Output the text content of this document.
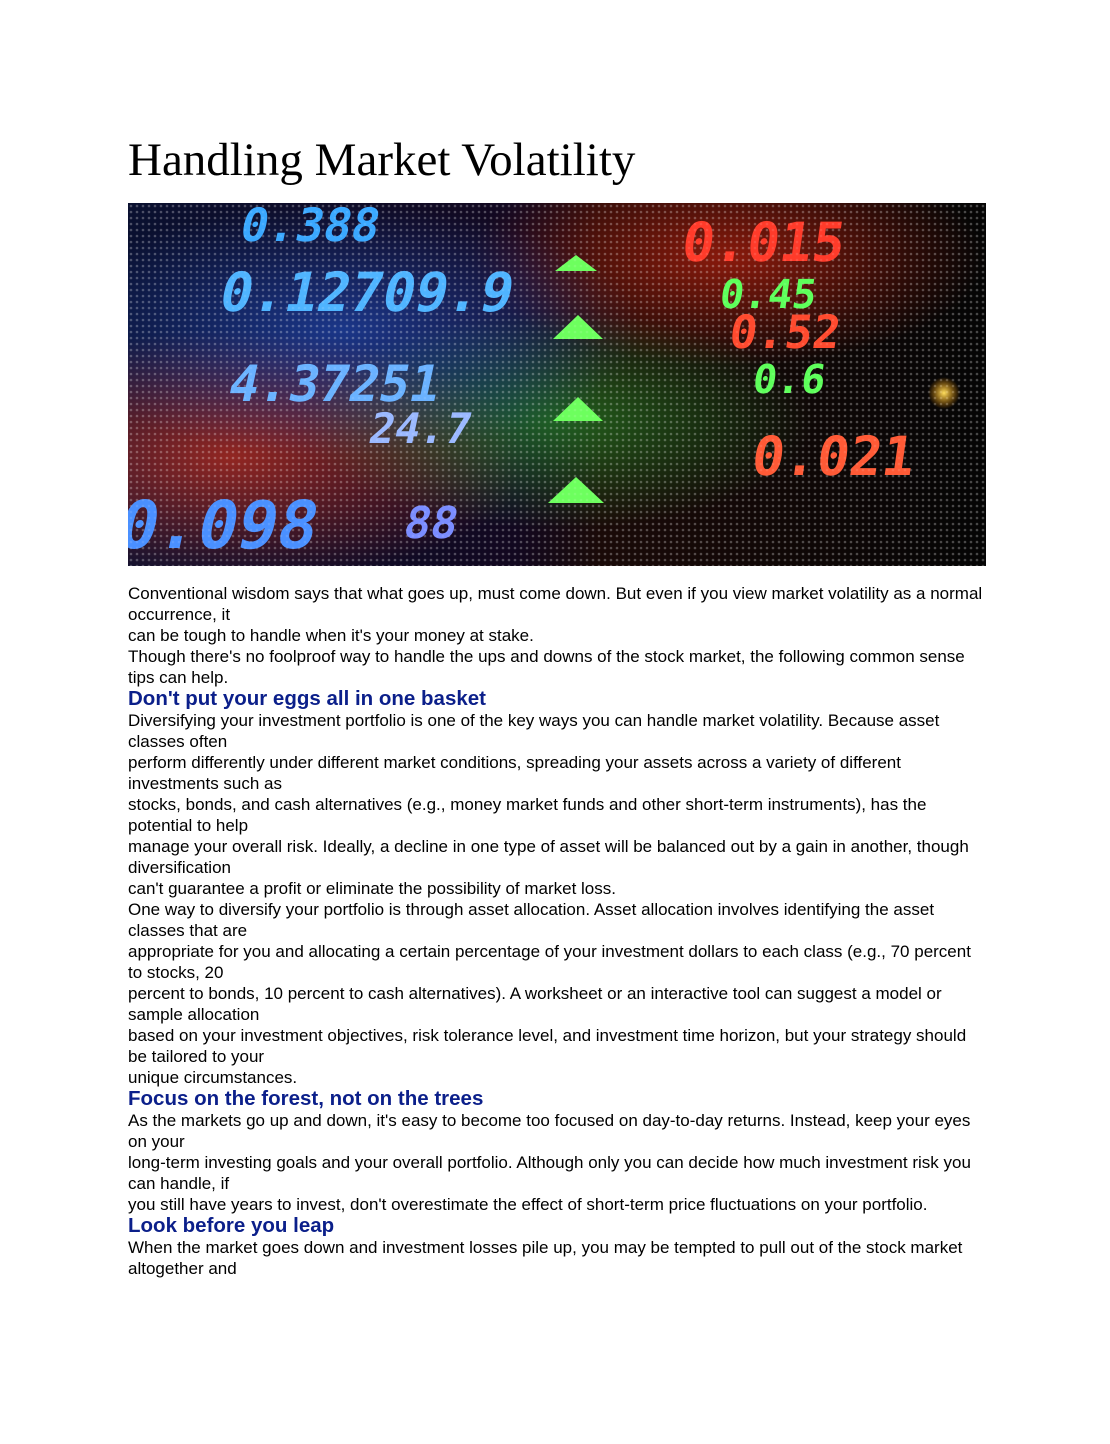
Handling Market Volatility

Conventional wisdom says that what goes up, must come down. But even if you view market volatility as a normal occurrence, it

can be tough to handle when it's your money at stake.

Though there's no foolproof way to handle the ups and downs of the stock market, the following common sense tips can help.

Don't put your eggs all in one basket

Diversifying your investment portfolio is one of the key ways you can handle market volatility. Because asset classes often

perform differently under different market conditions, spreading your assets across a variety of different investments such as

stocks, bonds, and cash alternatives (e.g., money market funds and other short-term instruments), has the potential to help

manage your overall risk. Ideally, a decline in one type of asset will be balanced out by a gain in another, though diversification

can't guarantee a profit or eliminate the possibility of market loss.

One way to diversify your portfolio is through asset allocation. Asset allocation involves identifying the asset classes that are

appropriate for you and allocating a certain percentage of your investment dollars to each class (e.g., 70 percent to stocks, 20

percent to bonds, 10 percent to cash alternatives). A worksheet or an interactive tool can suggest a model or sample allocation

based on your investment objectives, risk tolerance level, and investment time horizon, but your strategy should be tailored to your

unique circumstances.

Focus on the forest, not on the trees

As the markets go up and down, it's easy to become too focused on day-to-day returns. Instead, keep your eyes on your

long-term investing goals and your overall portfolio. Although only you can decide how much investment risk you can handle, if

you still have years to invest, don't overestimate the effect of short-term price fluctuations on your portfolio.

Look before you leap

When the market goes down and investment losses pile up, you may be tempted to pull out of the stock market altogether and
